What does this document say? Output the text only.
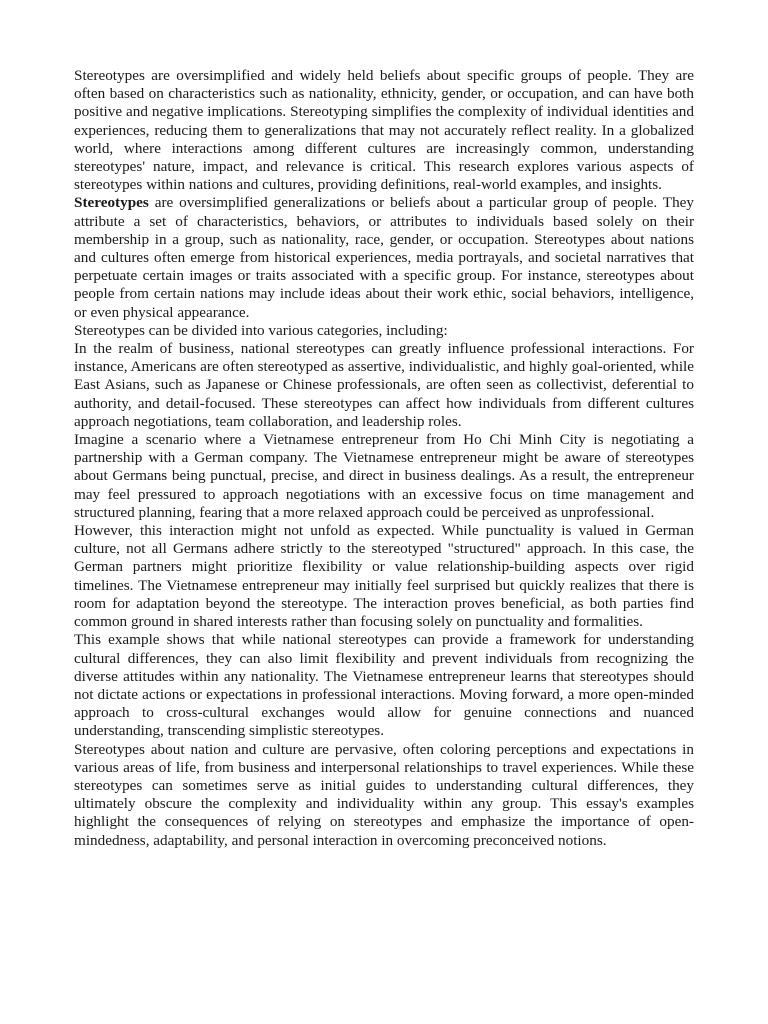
Stereotypes are oversimplified and widely held beliefs about specific groups of people. They are often based on characteristics such as nationality, ethnicity, gender, or occupation, and can have both positive and negative implications. Stereotyping simplifies the complexity of individual identities and experiences, reducing them to generalizations that may not accurately reflect reality. In a globalized world, where interactions among different cultures are increasingly common, understanding stereotypes' nature, impact, and relevance is critical. This research explores various aspects of stereotypes within nations and cultures, providing definitions, real-world examples, and insights.

Stereotypes are oversimplified generalizations or beliefs about a particular group of people. They attribute a set of characteristics, behaviors, or attributes to individuals based solely on their membership in a group, such as nationality, race, gender, or occupation. Stereotypes about nations and cultures often emerge from historical experiences, media portrayals, and societal narratives that perpetuate certain images or traits associated with a specific group. For instance, stereotypes about people from certain nations may include ideas about their work ethic, social behaviors, intelligence, or even physical appearance.

Stereotypes can be divided into various categories, including:

In the realm of business, national stereotypes can greatly influence professional interactions. For instance, Americans are often stereotyped as assertive, individualistic, and highly goal-oriented, while East Asians, such as Japanese or Chinese professionals, are often seen as collectivist, deferential to authority, and detail-focused. These stereotypes can affect how individuals from different cultures approach negotiations, team collaboration, and leadership roles.

Imagine a scenario where a Vietnamese entrepreneur from Ho Chi Minh City is negotiating a partnership with a German company. The Vietnamese entrepreneur might be aware of stereotypes about Germans being punctual, precise, and direct in business dealings. As a result, the entrepreneur may feel pressured to approach negotiations with an excessive focus on time management and structured planning, fearing that a more relaxed approach could be perceived as unprofessional.

However, this interaction might not unfold as expected. While punctuality is valued in German culture, not all Germans adhere strictly to the stereotyped "structured" approach. In this case, the German partners might prioritize flexibility or value relationship-building aspects over rigid timelines. The Vietnamese entrepreneur may initially feel surprised but quickly realizes that there is room for adaptation beyond the stereotype. The interaction proves beneficial, as both parties find common ground in shared interests rather than focusing solely on punctuality and formalities.

This example shows that while national stereotypes can provide a framework for understanding cultural differences, they can also limit flexibility and prevent individuals from recognizing the diverse attitudes within any nationality. The Vietnamese entrepreneur learns that stereotypes should not dictate actions or expectations in professional interactions. Moving forward, a more open-minded approach to cross-cultural exchanges would allow for genuine connections and nuanced understanding, transcending simplistic stereotypes.

Stereotypes about nation and culture are pervasive, often coloring perceptions and expectations in various areas of life, from business and interpersonal relationships to travel experiences. While these stereotypes can sometimes serve as initial guides to understanding cultural differences, they ultimately obscure the complexity and individuality within any group. This essay's examples highlight the consequences of relying on stereotypes and emphasize the importance of open-mindedness, adaptability, and personal interaction in overcoming preconceived notions.
